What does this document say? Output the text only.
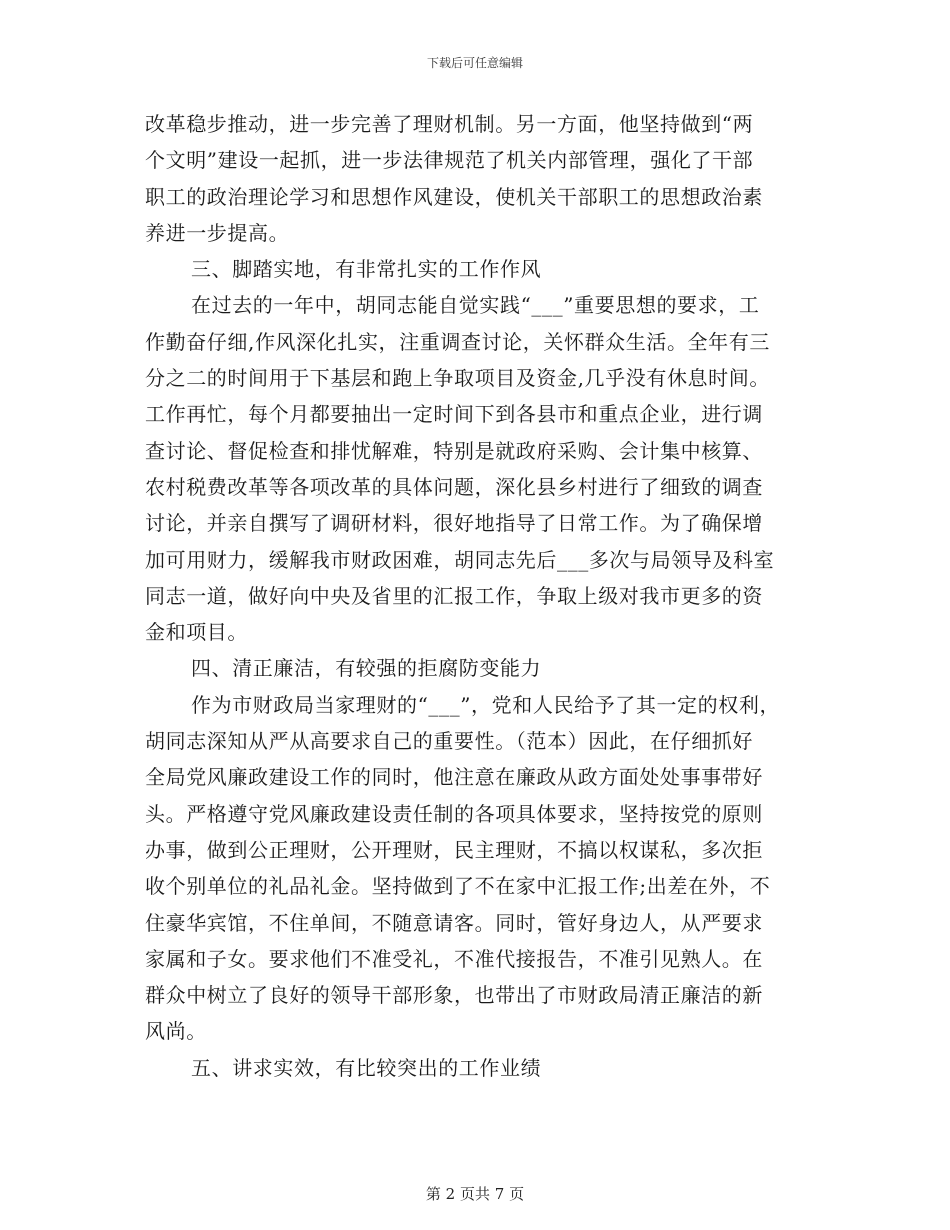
下载后可任意编辑
改革稳步推动，进一步完善了理财机制。另一方面，他坚持做到“两
个文明”建设一起抓，进一步法律规范了机关内部管理，强化了干部
职工的政治理论学习和思想作风建设，使机关干部职工的思想政治素
养进一步提高。
三、脚踏实地，有非常扎实的工作作风
在过去的一年中，胡同志能自觉实践“___”重要思想的要求，工
作勤奋仔细,作风深化扎实，注重调查讨论，关怀群众生活。全年有三
分之二的时间用于下基层和跑上争取项目及资金,几乎没有休息时间。
工作再忙，每个月都要抽出一定时间下到各县市和重点企业，进行调
查讨论、督促检查和排忧解难，特别是就政府采购、会计集中核算、
农村税费改革等各项改革的具体问题，深化县乡村进行了细致的调查
讨论，并亲自撰写了调研材料，很好地指导了日常工作。为了确保增
加可用财力，缓解我市财政困难，胡同志先后___多次与局领导及科室
同志一道，做好向中央及省里的汇报工作，争取上级对我市更多的资
金和项目。
四、清正廉洁，有较强的拒腐防变能力
作为市财政局当家理财的“___”，党和人民给予了其一定的权利，
胡同志深知从严从高要求自己的重要性。（范本）因此，在仔细抓好
全局党风廉政建设工作的同时，他注意在廉政从政方面处处事事带好
头。严格遵守党风廉政建设责任制的各项具体要求，坚持按党的原则
办事，做到公正理财，公开理财，民主理财，不搞以权谋私，多次拒
收个别单位的礼品礼金。坚持做到了不在家中汇报工作;出差在外，不
住豪华宾馆，不住单间，不随意请客。同时，管好身边人，从严要求
家属和子女。要求他们不准受礼，不准代接报告，不准引见熟人。在
群众中树立了良好的领导干部形象，也带出了市财政局清正廉洁的新
风尚。
五、讲求实效，有比较突出的工作业绩
第 2 页共 7 页
